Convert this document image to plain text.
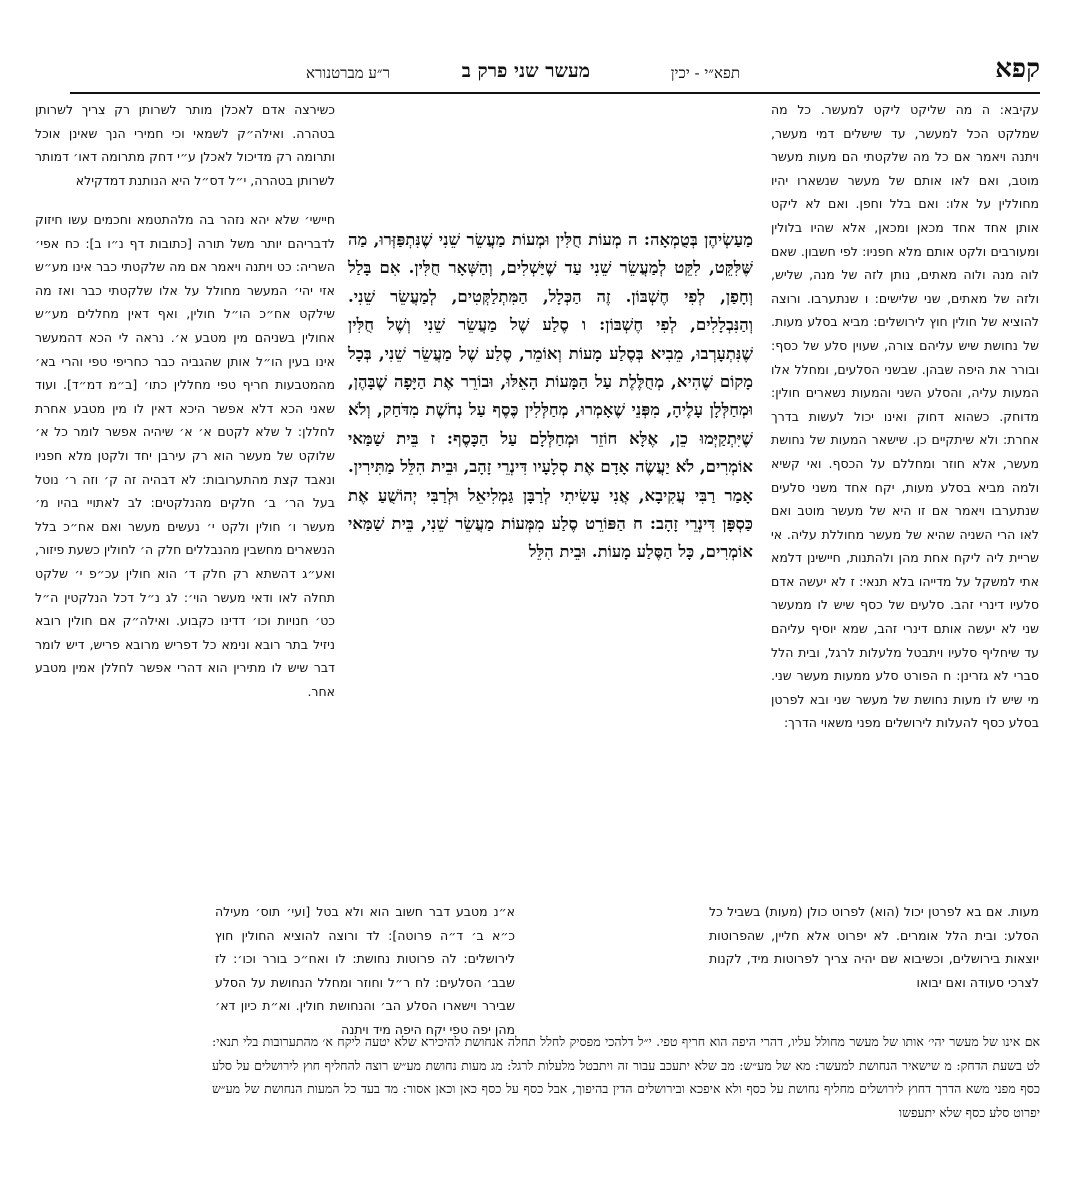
קפא
תפא״י - יכין
מעשר שני פרק ב
ר״ע מברטנורא

כשירצה אדם לאכלן מותר לשרותן רק צריך לשרותן בטהרה. ואילה״ק לשמאי וכי חמירי הנך שאינן אוכל ותרומה רק מדיכול לאכלן ע״י דחק מתרומה דאו׳ דמותר לשרותן בטהרה, י״ל דס״ל היא הנותנת דמדקילא

חיישי׳ שלא יהא נזהר בה מלהתטמא וחכמים עשו חיזוק לדבריהם יותר משל תורה [כתובות דף נ״ו ב]: כח אפי׳ השריה: כט ויתנה ויאמר אם מה שלקטתי כבר אינו מע״ש אזי יהי׳ המעשר מחולל על אלו שלקטתי כבר ואז מה שילקט אח״כ הו״ל חולין, ואף דאין מחללים מע״ש אחולין בשניהם מין מטבע א׳. נראה לי הכא דהמעשר אינו בעין הו״ל אותן שהגביה כבר כחריפי טפי והרי בא׳ מהמטבעות חריף טפי מחללין כתו׳ [ב״מ דמ״ד]. ועוד שאני הכא דלא אפשר היכא דאין לו מין מטבע אחרת לחללן: ל שלא לקטם א׳ א׳ שיהיה אפשר לומר כל א׳ שלוקט של מעשר הוא רק עירבן יחד ולקטן מלא חפניו ונאבד קצת מהתערובות: לא דבהיה זה ק׳ וזה ר׳ נוטל בעל הר׳ ב׳ חלקים מהנלקטים: לב לאתויי בהיו מ׳ מעשר ו׳ חולין ולקט י׳ נעשים מעשר ואם אח״כ בלל הנשארים מחשבין מהנבללים חלק ה׳ לחולין כשעת פיזור, ואע״ג דהשתא רק חלק ד׳ הוא חולין עכ״פ י׳ שלקט תחלה לאו ודאי מעשר הוי׳: לג נ״ל דכל הנלקטין ה״ל כט׳ חנויות וכו׳ דדינו כקבוע. ואילה״ק אם חולין רובא ניזיל בתר רובא ונימא כל דפריש מרובא פריש, דיש לומר דבר שיש לו מתירין הוא דהרי אפשר לחללן אמין מטבע אחר.

מַעַשְׂיהֶן בְּטֻמְאָה: ה מְעוֹת חֻלִּין וּמְעוֹת מַעֲשֵׂר שֵׁנִי שֶׁנִּתְפַּזְּרוּ, מַה שֶּׁלִּקֵּט, לִקֵּט לְמַעֲשֵׂר שֵׁנִי עַד שֶׁיַּשְׁלִים, וְהַשְּׁאָר חֻלִּין. אִם בָּלַל וְחָפַן, לְפִי חֶשְׁבּוֹן. זֶה הַכְּלָל, הַמִּתְלַקְּטִים, לְמַעֲשֵׂר שֵׁנִי. וְהַנִּבְלָלִים, לְפִי חֶשְׁבּוֹן: ו סֶלַע שֶׁל מַעֲשֵׂר שֵׁנִי וְשֶׁל חֻלִּין שֶׁנִּתְעָרְבוּ, מֵבִיא בְּסֶלַע מָעוֹת וְאוֹמֵר, סֶלַע שֶׁל מַעֲשֵׂר שֵׁנִי, בְּכָל מָקוֹם שֶׁהִיא, מְחֻלֶּלֶת עַל הַמָּעוֹת הָאֵלּוּ, וּבוֹרֵר אֶת הַיָּפָה שֶׁבָּהֶן, וּמְחַלְּלָן עָלֶיהָ, מִפְּנֵי שֶׁאָמְרוּ, מְחַלְּלִין כֶּסֶף עַל נְחֹשֶׁת מִדֹּחַק, וְלֹא שֶׁיִּתְקַיְּמוּ כֵן, אֶלָּא חוֹזֵר וּמְחַלְּלָם עַל הַכָּסֶף: ז בֵּית שַׁמַּאי אוֹמְרִים, לֹא יַעֲשֶׂה אָדָם אֶת סְלָעָיו דִּינְרֵי זָהָב, וּבֵית הִלֵּל מַתִּירִין. אָמַר רַבִּי עֲקִיבָא, אֲנִי עָשִׂיתִי לְרַבָּן גַּמְלִיאֵל וּלְרַבִּי יְהוֹשֻׁעַ אֶת כַּסְפָּן דִּינְרֵי זָהָב: ח הַפּוֹרֵט סֶלַע מִמְּעוֹת מַעֲשֵׂר שֵׁנִי, בֵּית שַׁמַּאי אוֹמְרִים, כָּל הַסֶּלַע מָעוֹת. וּבֵית הִלֵּל

עקיבא: ה מה שליקט ליקט למעשר. כל מה שמלקט הכל למעשר, עד שישלים דמי מעשר, ויתנה ויאמר אם כל מה שלקטתי הם מעות מעשר מוטב, ואם לאו אותם של מעשר שנשארו יהיו מחוללין על אלו: ואם בלל וחפן. ואם לא ליקט אותן אחד אחד מכאן ומכאן, אלא שהיו בלולין ומעורבים ולקט אותם מלא חפניו: לפי חשבון. שאם לוה מנה ולוה מאתים, נותן לזה של מנה, שליש, ולזה של מאתים, שני שלישים: ו שנתערבו. ורוצה להוציא של חולין חוץ לירושלים: מביא בסלע מעות. של נחושת שיש עליהם צורה, שעוין סלע של כסף: ובורר את היפה שבהן. שבשני הסלעים, ומחלל אלו המעות עליה, והסלע השני והמעות נשארים חולין: מדוחק. כשהוא דחוק ואינו יכול לעשות בדרך אחרת: ולא שיתקיים כן. שישאר המעות של נחושת מעשר, אלא חוזר ומחללם על הכסף. ואי קשיא ולמה מביא בסלע מעות, יקח אחד משני סלעים שנתערבו ויאמר אם זו היא של מעשר מוטב ואם לאו הרי השניה שהיא של מעשר מחוללת עליה. אי שריית ליה ליקח אחת מהן ולהתנות, חיישינן דלמא אתי למשקל על מדייהו בלא תנאי: ז לא יעשה אדם סלעיו דינרי זהב. סלעים של כסף שיש לו ממעשר שני לא יעשה אותם דינרי זהב, שמא יוסיף עליהם עד שיחליף סלעיו ויתבטל מלעלות לרגל, ובית הלל סברי לא גזרינן: ח הפורט סלע ממעות מעשר שני. מי שיש לו מעות נחושת של מעשר שני ובא לפרטן בסלע כסף להעלות לירושלים מפני משאוי הדרך:

א״נ מטבע דבר חשוב הוא ולא בטל [ועי׳ תוס׳ מעילה כ״א ב׳ ד״ה פרוטה]: לד ורוצה להוציא החולין חוץ לירושלים: לה פרוטות נחושת: לו ואח״כ בורר וכו׳: לז שבב׳ הסלעים: לח ר״ל וחוזר ומחלל הנחושת על הסלע שבירר וישארו הסלע הב׳ והנחושת חולין. וא״ת כיון דא׳ מהן יפה טפי יקח היפה מיד ויתנה

מעות. אם בא לפרטן יכול (הוא) לפרוט כולן (מעות) בשביל כל הסלע: ובית הלל אומרים. לא יפרוט אלא חליין, שהפרוטות יוצאות בירושלים, וכשיבוא שם יהיה צריך לפרוטות מיד, לקנות לצרכי סעודה ואם יבואו

אם אינו של מעשר יהי׳ אותו של מעשר מחולל עליו, דהרי היפה הוא חריף טפי. י״ל דלהכי מפסיק לחלל תחלה אנחושת להיכירא שלא יטעה ליקח א׳ מהתערובות בלי תנאי: לט בשעת הדחק: מ שישאיר הנחושת למעשר: מא של מע״ש: מב שלא יתעכב עבור זה ויתבטל מלעלות לרגל: מג מעות נחושת מע״ש רוצה להחליף חוץ לירושלים על סלע כסף מפני משא הדרך דחוץ לירושלים מחליף נחושת על כסף ולא איפכא ובירושלים הדין בהיפוך, אבל כסף על כסף כאן וכאן אסור: מד בעד כל המעות הנחושת של מע״ש יפרוט סלע כסף שלא יתעפשו
